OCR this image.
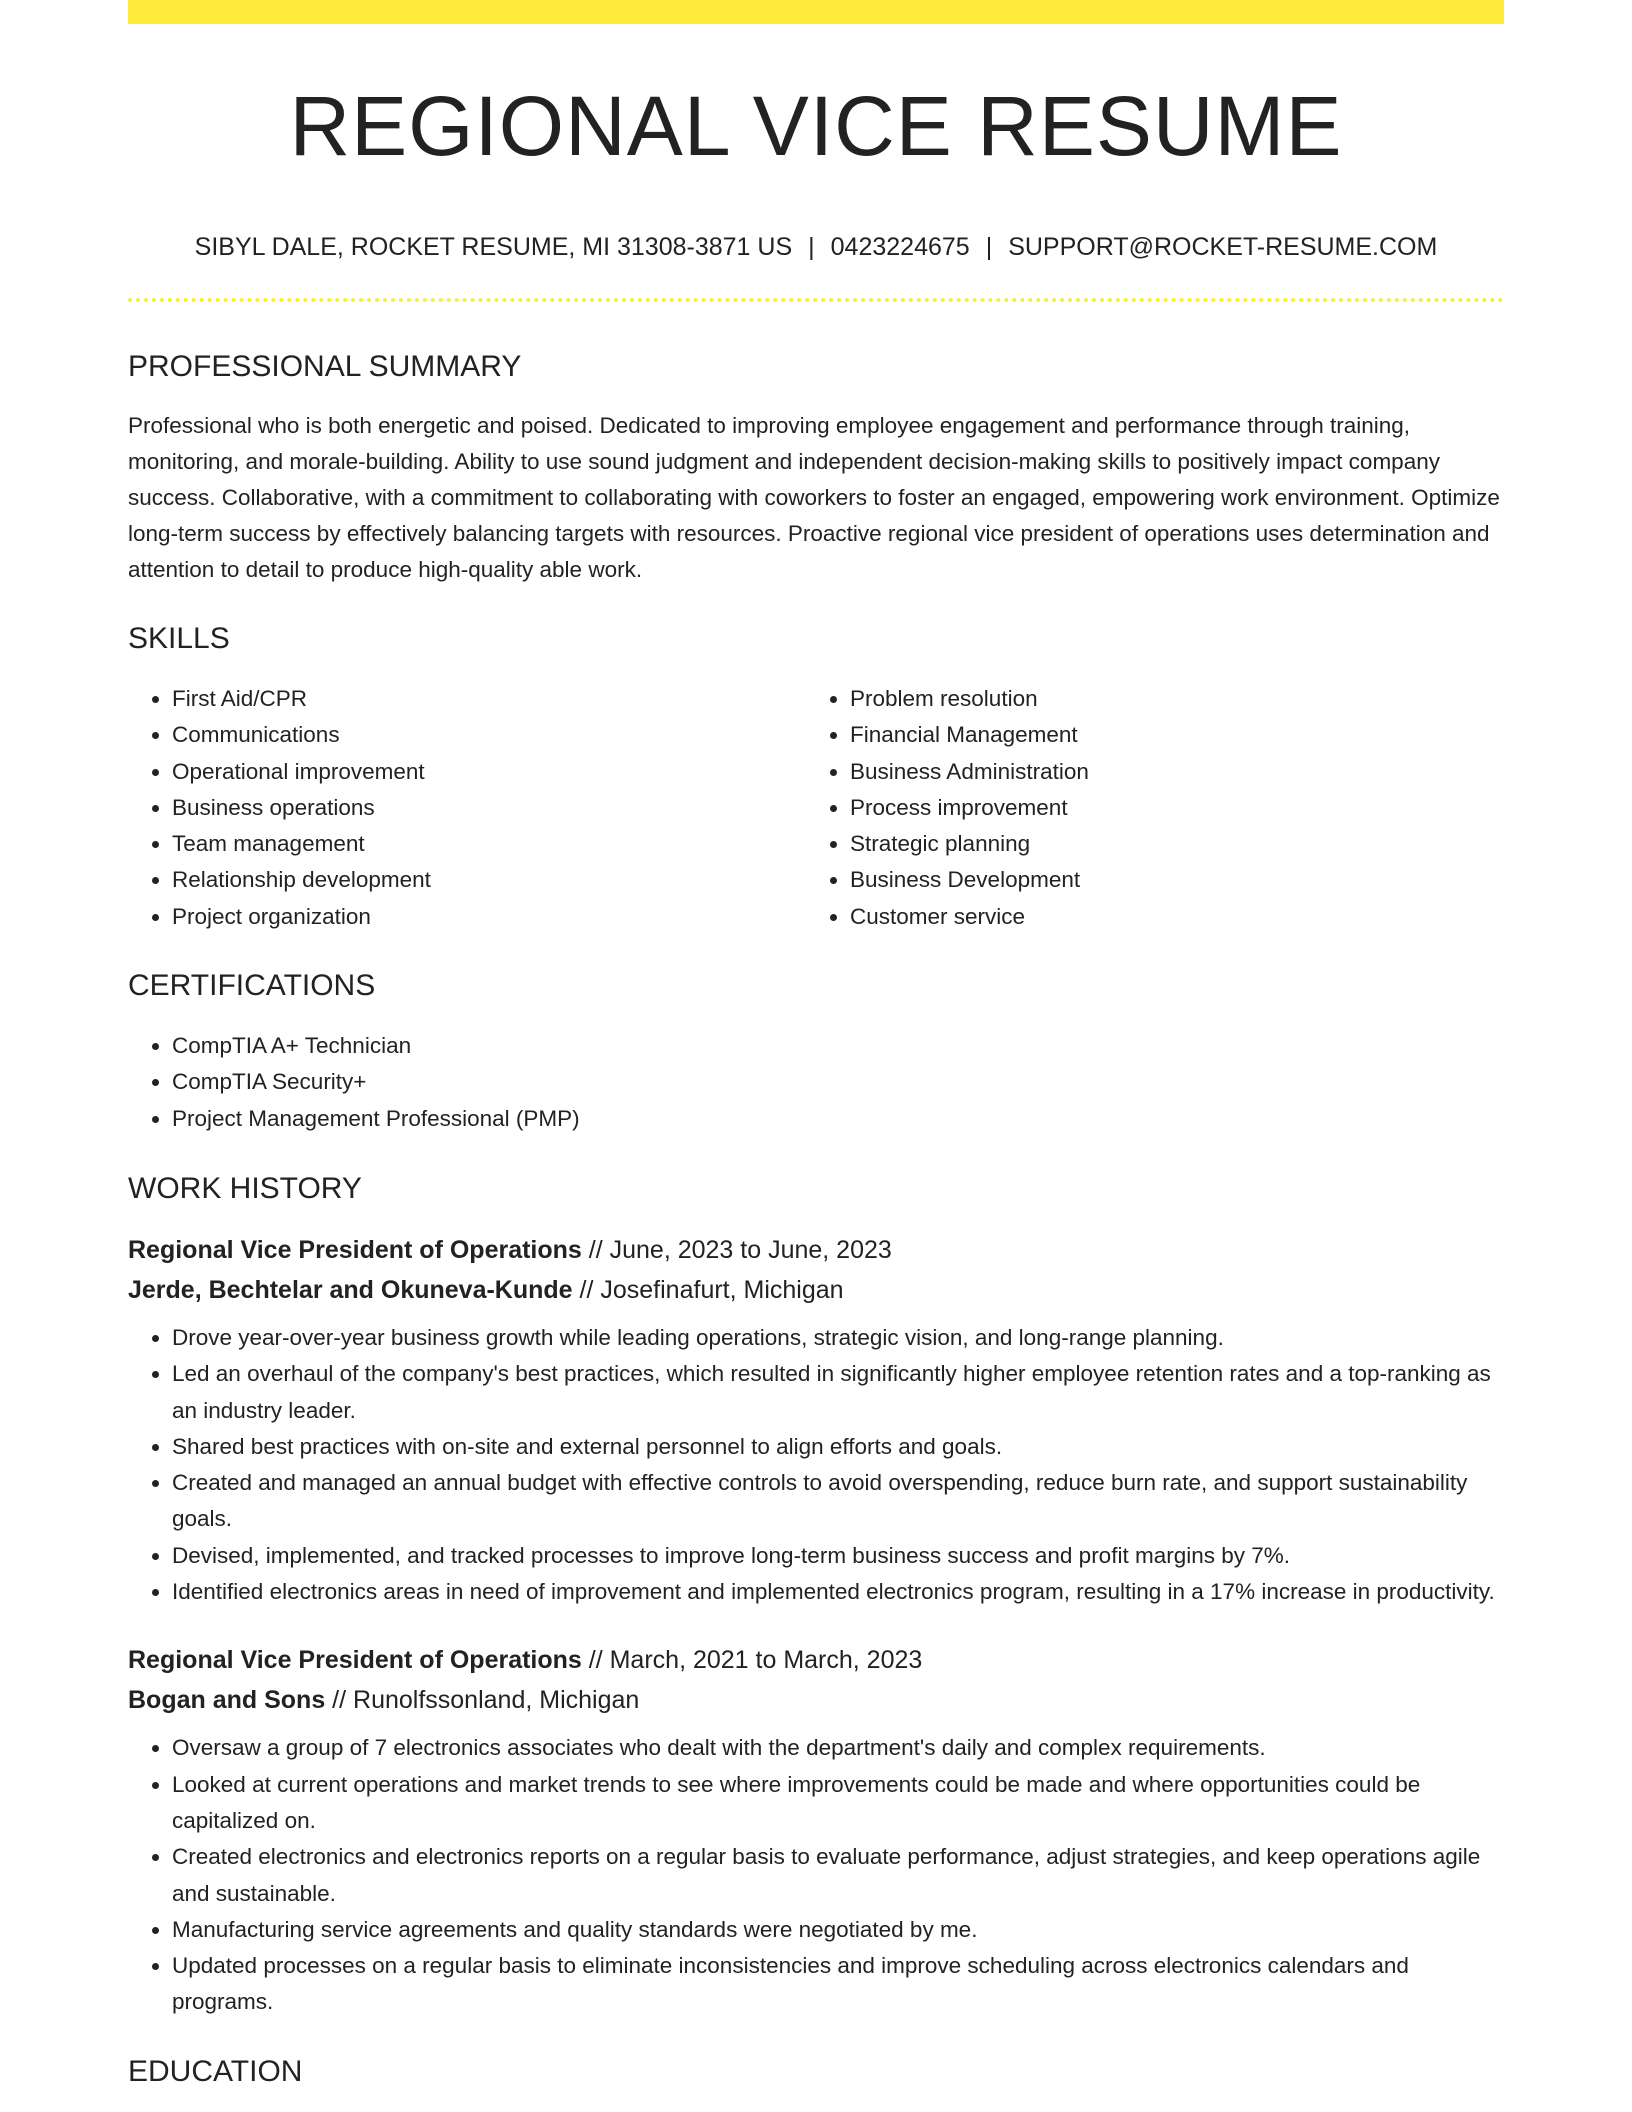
REGIONAL VICE RESUME
SIBYL DALE, ROCKET RESUME, MI 31308-3871 US | 0423224675 | SUPPORT@ROCKET-RESUME.COM
PROFESSIONAL SUMMARY

Professional who is both energetic and poised. Dedicated to improving employee engagement and performance through training, monitoring, and morale-building. Ability to use sound judgment and independent decision-making skills to positively impact company success. Collaborative, with a commitment to collaborating with coworkers to foster an engaged, empowering work environment. Optimize long-term success by effectively balancing targets with resources. Proactive regional vice president of operations uses determination and attention to detail to produce high-quality able work.

SKILLS
• First Aid/CPR
• Communications
• Operational improvement
• Business operations
• Team management
• Relationship development
• Project organization
• Problem resolution
• Financial Management
• Business Administration
• Process improvement
• Strategic planning
• Business Development
• Customer service
CERTIFICATIONS
• CompTIA A+ Technician
• CompTIA Security+
• Project Management Professional (PMP)
WORK HISTORY
Regional Vice President of Operations // June, 2023 to June, 2023
Jerde, Bechtelar and Okuneva-Kunde // Josefinafurt, Michigan
• Drove year-over-year business growth while leading operations, strategic vision, and long-range planning.
• Led an overhaul of the company's best practices, which resulted in significantly higher employee retention rates and a top-ranking as an industry leader.
• Shared best practices with on-site and external personnel to align efforts and goals.
• Created and managed an annual budget with effective controls to avoid overspending, reduce burn rate, and support sustainability goals.
• Devised, implemented, and tracked processes to improve long-term business success and profit margins by 7%.
• Identified electronics areas in need of improvement and implemented electronics program, resulting in a 17% increase in productivity.
Regional Vice President of Operations // March, 2021 to March, 2023
Bogan and Sons // Runolfssonland, Michigan
• Oversaw a group of 7 electronics associates who dealt with the department's daily and complex requirements.
• Looked at current operations and market trends to see where improvements could be made and where opportunities could be capitalized on.
• Created electronics and electronics reports on a regular basis to evaluate performance, adjust strategies, and keep operations agile and sustainable.
• Manufacturing service agreements and quality standards were negotiated by me.
• Updated processes on a regular basis to eliminate inconsistencies and improve scheduling across electronics calendars and programs.
EDUCATION
